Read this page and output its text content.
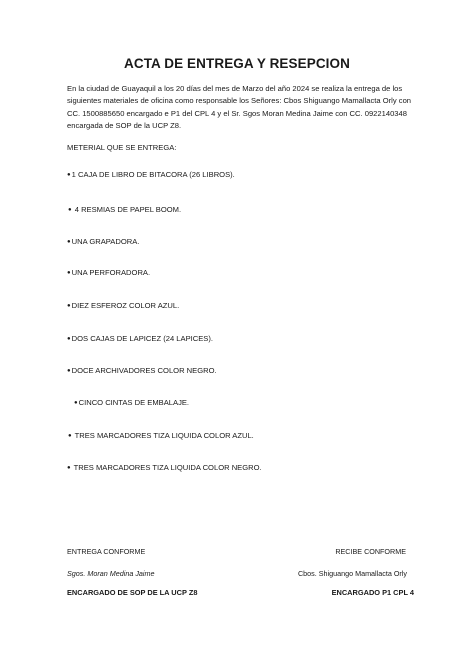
ACTA DE ENTREGA Y RESEPCION
En la ciudad de Guayaquil a los 20 días del mes de Marzo del año 2024 se realiza la entrega de los siguientes materiales de oficina como responsable los Señores: Cbos Shiguango Mamallacta Orly con CC. 1500885650 encargado e P1 del CPL 4 y el Sr. Sgos Moran Medina Jaime con CC. 0922140348 encargada de SOP de la UCP Z8.
METERIAL QUE SE ENTREGA:
●1 CAJA DE LIBRO DE BITACORA (26 LIBROS).
● 4 RESMIAS DE PAPEL BOOM.
●UNA GRAPADORA.
●UNA PERFORADORA.
●DIEZ ESFEROZ COLOR AZUL.
●DOS CAJAS DE LAPICEZ (24 LAPICES).
●DOCE ARCHIVADORES COLOR NEGRO.
●CINCO CINTAS DE EMBALAJE.
● TRES MARCADORES TIZA LIQUIDA COLOR AZUL.
● TRES MARCADORES TIZA LIQUIDA COLOR NEGRO.
ENTREGA CONFORME
Sgos. Moran Medina Jaime
ENCARGADO DE SOP DE LA UCP Z8
RECIBE CONFORME
Cbos. Shiguango Mamallacta Orly
ENCARGADO P1 CPL 4
